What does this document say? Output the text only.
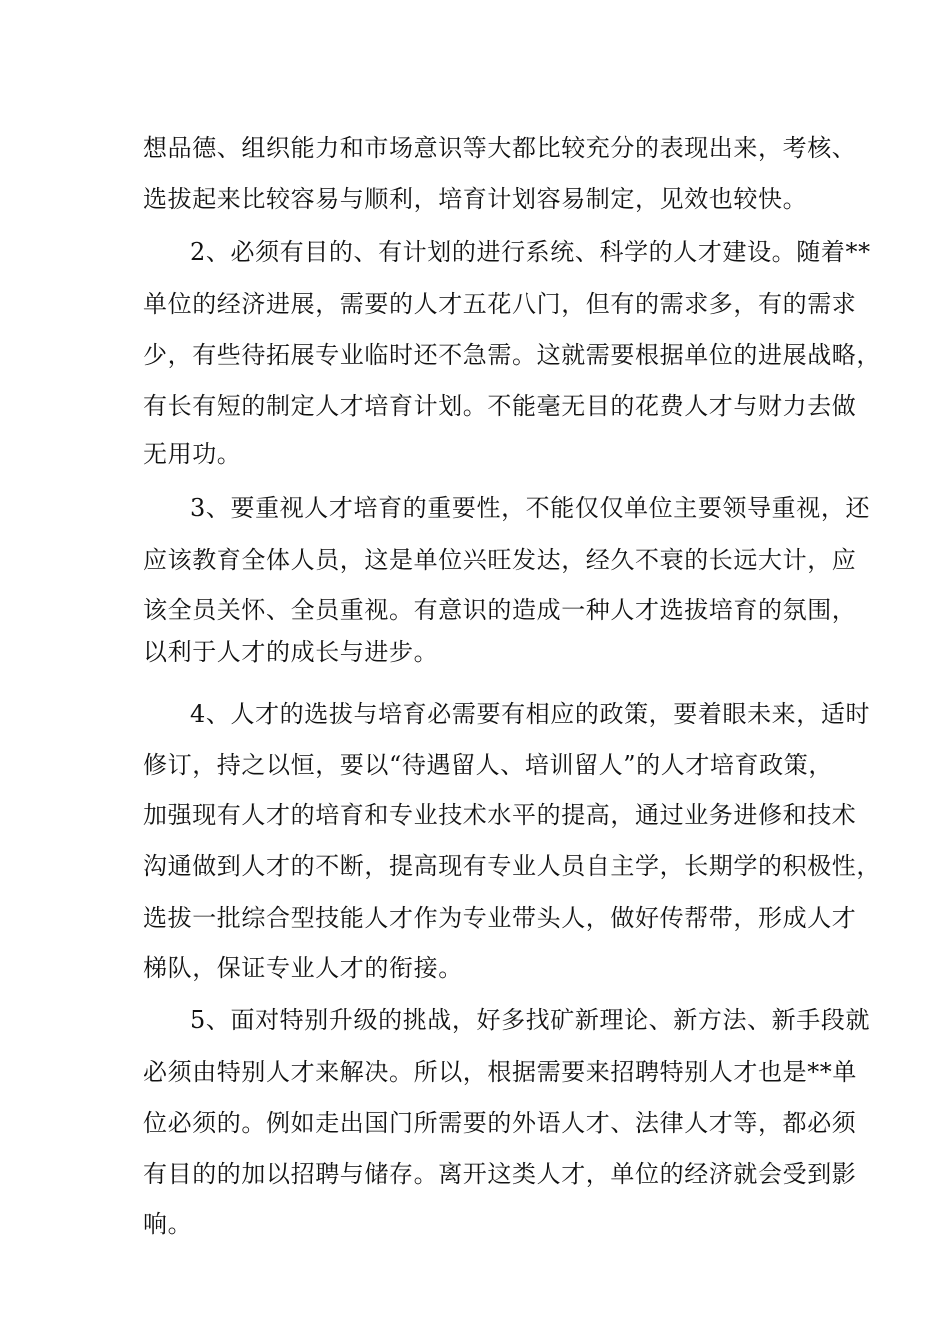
想品德、组织能力和市场意识等大都比较充分的表现出来，考核、
选拔起来比较容易与顺利，培育计划容易制定，见效也较快。
2、必须有目的、有计划的进行系统、科学的人才建设。随着**
单位的经济进展，需要的人才五花八门，但有的需求多，有的需求
少，有些待拓展专业临时还不急需。这就需要根据单位的进展战略，
有长有短的制定人才培育计划。不能毫无目的花费人才与财力去做
无用功。
3、要重视人才培育的重要性，不能仅仅单位主要领导重视，还
应该教育全体人员，这是单位兴旺发达，经久不衰的长远大计，应
该全员关怀、全员重视。有意识的造成一种人才选拔培育的氛围，
以利于人才的成长与进步。
4、人才的选拔与培育必需要有相应的政策，要着眼未来，适时
修订，持之以恒，要以“待遇留人、培训留人”的人才培育政策，
加强现有人才的培育和专业技术水平的提高，通过业务进修和技术
沟通做到人才的不断，提高现有专业人员自主学，长期学的积极性，
选拔一批综合型技能人才作为专业带头人，做好传帮带，形成人才
梯队，保证专业人才的衔接。
5、面对特别升级的挑战，好多找矿新理论、新方法、新手段就
必须由特别人才来解决。所以，根据需要来招聘特别人才也是**单
位必须的。例如走出国门所需要的外语人才、法律人才等，都必须
有目的的加以招聘与储存。离开这类人才，单位的经济就会受到影
响。
